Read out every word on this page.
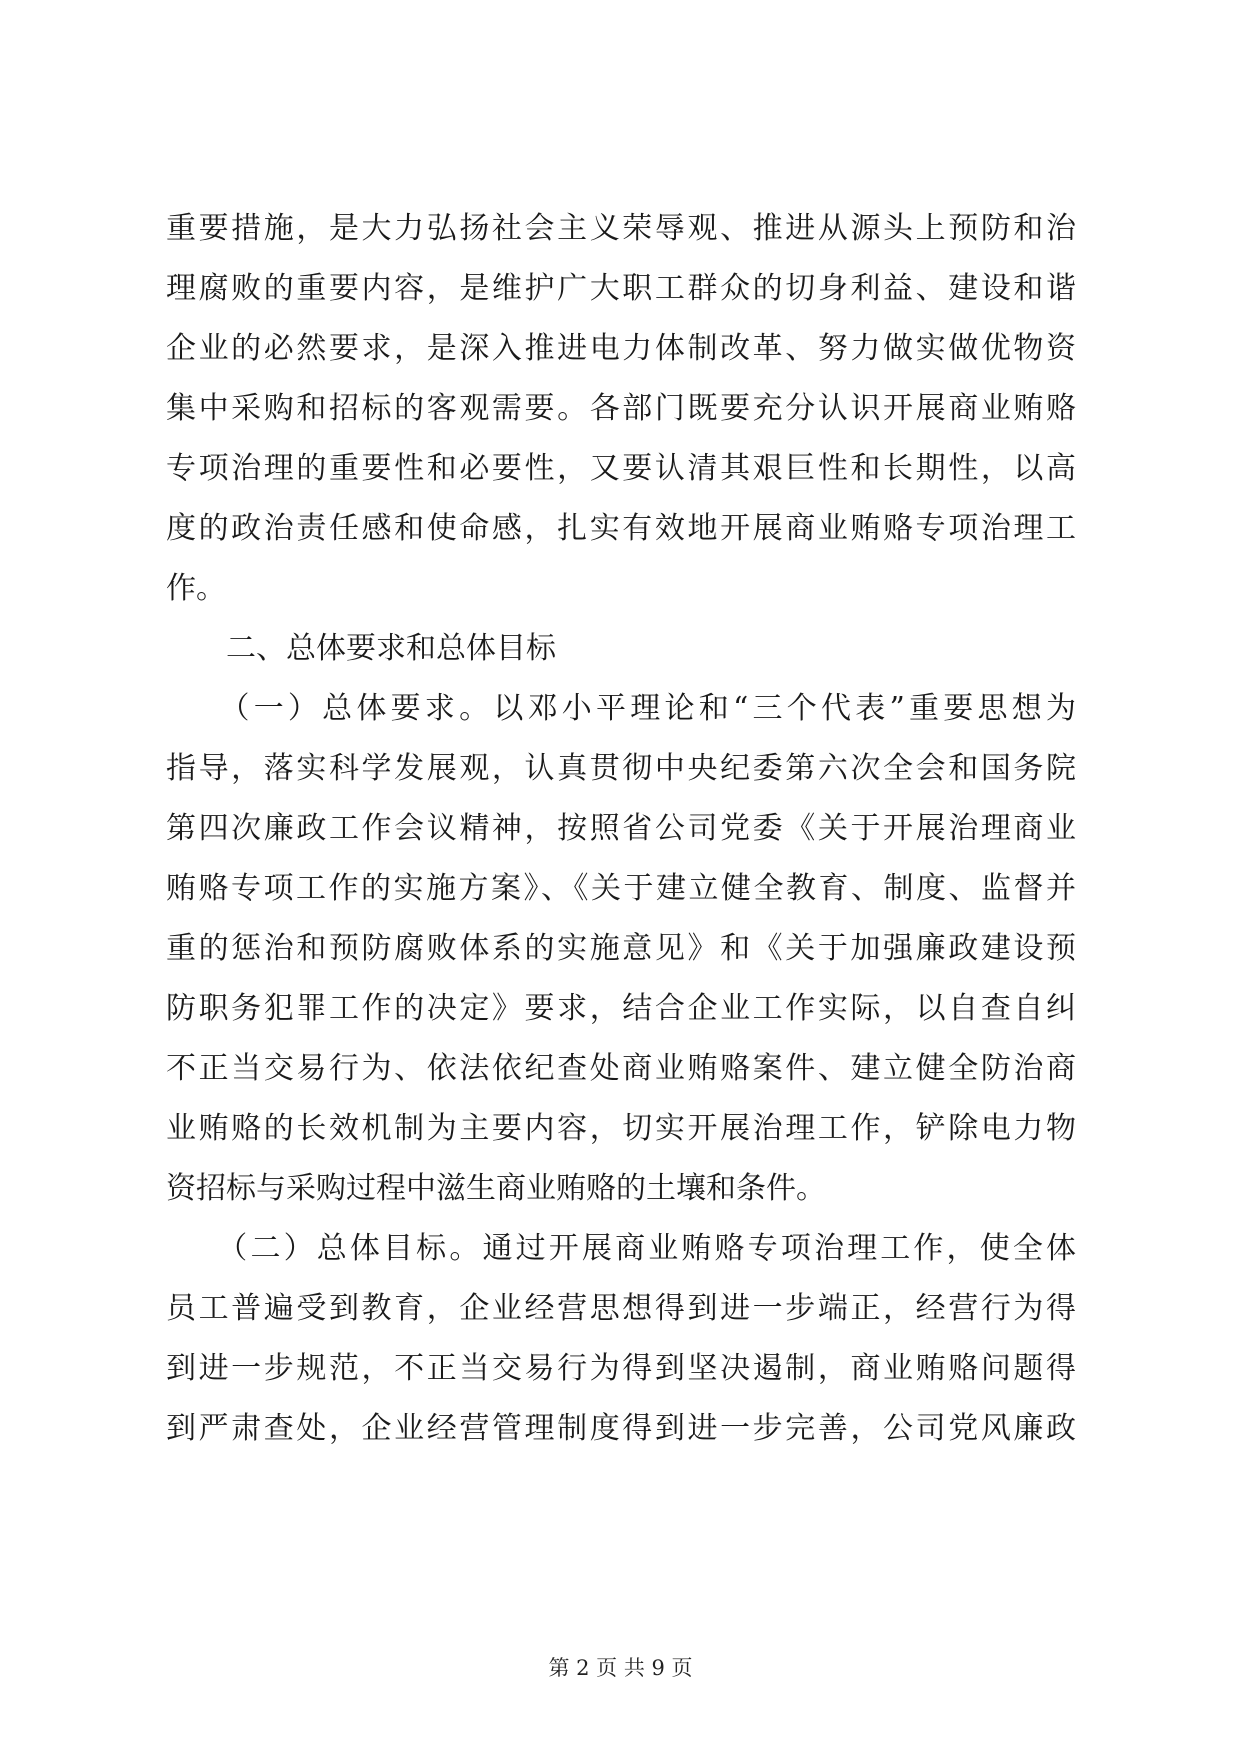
重要措施，是大力弘扬社会主义荣辱观、推进从源头上预防和治
理腐败的重要内容，是维护广大职工群众的切身利益、建设和谐
企业的必然要求，是深入推进电力体制改革、努力做实做优物资
集中采购和招标的客观需要。各部门既要充分认识开展商业贿赂
专项治理的重要性和必要性，又要认清其艰巨性和长期性，以高
度的政治责任感和使命感，扎实有效地开展商业贿赂专项治理工
作。
　　二、总体要求和总体目标
　　（一）总体要求。以邓小平理论和“三个代表”重要思想为
指导，落实科学发展观，认真贯彻中央纪委第六次全会和国务院
第四次廉政工作会议精神，按照省公司党委《关于开展治理商业
贿赂专项工作的实施方案》、《关于建立健全教育、制度、监督并
重的惩治和预防腐败体系的实施意见》和《关于加强廉政建设预
防职务犯罪工作的决定》要求，结合企业工作实际，以自查自纠
不正当交易行为、依法依纪查处商业贿赂案件、建立健全防治商
业贿赂的长效机制为主要内容，切实开展治理工作，铲除电力物
资招标与采购过程中滋生商业贿赂的土壤和条件。
　　（二）总体目标。通过开展商业贿赂专项治理工作，使全体
员工普遍受到教育，企业经营思想得到进一步端正，经营行为得
到进一步规范，不正当交易行为得到坚决遏制，商业贿赂问题得
到严肃查处，企业经营管理制度得到进一步完善，公司党风廉政
第 2 页 共 9 页
